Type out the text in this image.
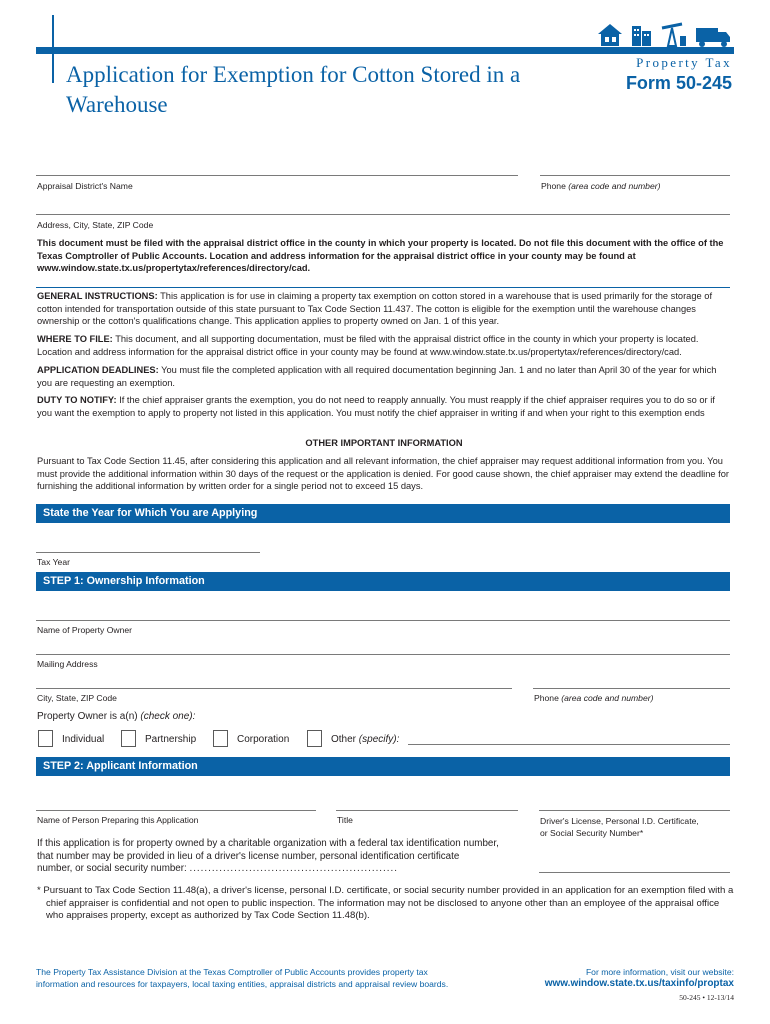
Application for Exemption for Cotton Stored in a Warehouse
Property Tax
Form 50-245
Appraisal District's Name	Phone (area code and number)
Address, City, State, ZIP Code
This document must be filed with the appraisal district office in the county in which your property is located. Do not file this document with the office of the Texas Comptroller of Public Accounts. Location and address information for the appraisal district office in your county may be found at www.window.state.tx.us/propertytax/references/directory/cad.
GENERAL INSTRUCTIONS: This application is for use in claiming a property tax exemption on cotton stored in a warehouse that is used primarily for the storage of cotton intended for transportation outside of this state pursuant to Tax Code Section 11.437. The cotton is eligible for the exemption until the warehouse changes ownership or the cotton's qualifications change. This application applies to property owned on Jan. 1 of this year.
WHERE TO FILE: This document, and all supporting documentation, must be filed with the appraisal district office in the county in which your property is located. Location and address information for the appraisal district office in your county may be found at www.window.state.tx.us/propertytax/references/directory/cad.
APPLICATION DEADLINES: You must file the completed application with all required documentation beginning Jan. 1 and no later than April 30 of the year for which you are requesting an exemption.
DUTY TO NOTIFY: If the chief appraiser grants the exemption, you do not need to reapply annually. You must reapply if the chief appraiser requires you to do so or if you want the exemption to apply to property not listed in this application. You must notify the chief appraiser in writing if and when your right to this exemption ends
OTHER IMPORTANT INFORMATION
Pursuant to Tax Code Section 11.45, after considering this application and all relevant information, the chief appraiser may request additional information from you. You must provide the additional information within 30 days of the request or the application is denied. For good cause shown, the chief appraiser may extend the deadline for furnishing the additional information by written order for a single period not to exceed 15 days.
State the Year for Which You are Applying
Tax Year
STEP 1: Ownership Information
Name of Property Owner
Mailing Address
City, State, ZIP Code	Phone (area code and number)
Property Owner is a(n) (check one):
Individual	Partnership	Corporation	Other (specify):
STEP 2: Applicant Information
Name of Person Preparing this Application	Title	Driver's License, Personal I.D. Certificate,
or Social Security Number*
If this application is for property owned by a charitable organization with a federal tax identification number,
that number may be provided in lieu of a driver's license number, personal identification certificate
number, or social security number: ........................................................
* Pursuant to Tax Code Section 11.48(a), a driver's license, personal I.D. certificate, or social security number provided in an application for an exemption filed with a chief appraiser is confidential and not open to public inspection. The information may not be disclosed to anyone other than an employee of the appraisal office who appraises property, except as authorized by Tax Code Section 11.48(b).
The Property Tax Assistance Division at the Texas Comptroller of Public Accounts provides property tax
information and resources for taxpayers, local taxing entities, appraisal districts and appraisal review boards.
For more information, visit our website:
www.window.state.tx.us/taxinfo/proptax
50-245 • 12-13/14
